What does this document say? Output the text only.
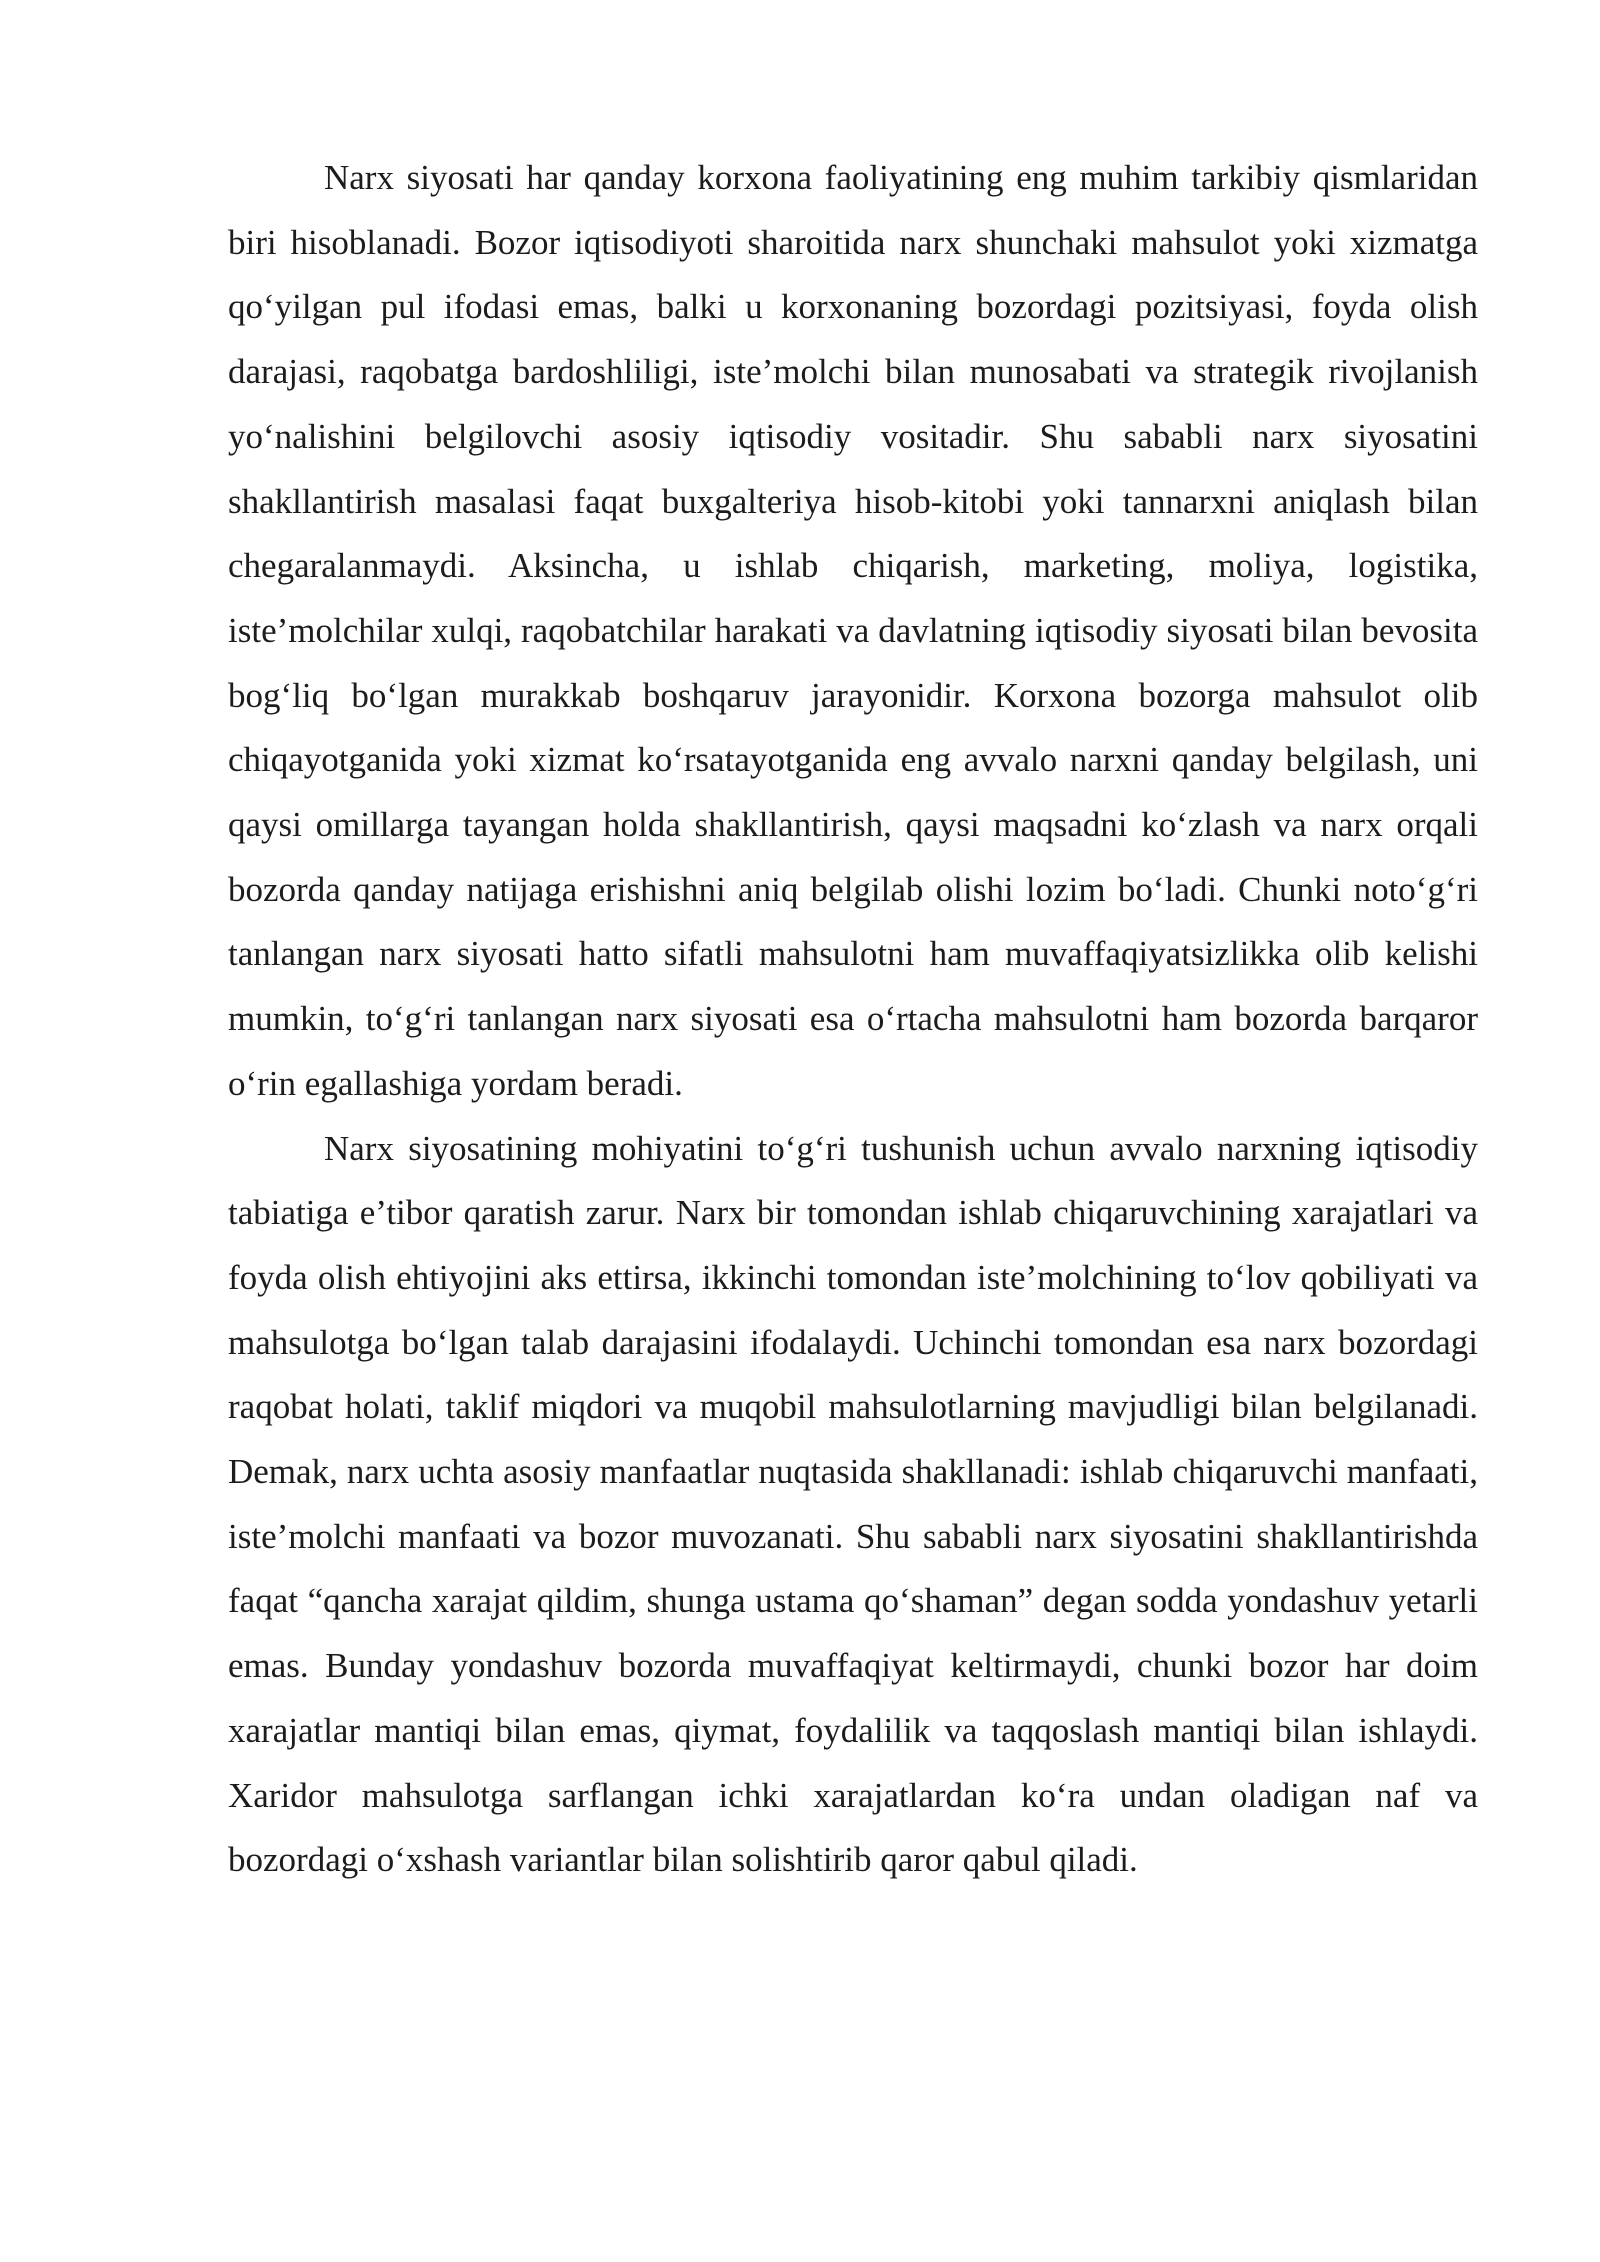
Narx siyosati har qanday korxona faoliyatining eng muhim tarkibiy qismlaridan biri hisoblanadi. Bozor iqtisodiyoti sharoitida narx shunchaki mahsulot yoki xizmatga qo‘yilgan pul ifodasi emas, balki u korxonaning bozordagi pozitsiyasi, foyda olish darajasi, raqobatga bardoshliligi, iste’molchi bilan munosabati va strategik rivojlanish yo‘nalishini belgilovchi asosiy iqtisodiy vositadir. Shu sababli narx siyosatini shakllantirish masalasi faqat buxgalteriya hisob-kitobi yoki tannarxni aniqlash bilan chegaralanmaydi. Aksincha, u ishlab chiqarish, marketing, moliya, logistika, iste’molchilar xulqi, raqobatchilar harakati va davlatning iqtisodiy siyosati bilan bevosita bog‘liq bo‘lgan murakkab boshqaruv jarayonidir. Korxona bozorga mahsulot olib chiqayotganida yoki xizmat ko‘rsatayotganida eng avvalo narxni qanday belgilash, uni qaysi omillarga tayangan holda shakllantirish, qaysi maqsadni ko‘zlash va narx orqali bozorda qanday natijaga erishishni aniq belgilab olishi lozim bo‘ladi. Chunki noto‘g‘ri tanlangan narx siyosati hatto sifatli mahsulotni ham muvaffaqiyatsizlikka olib kelishi mumkin, to‘g‘ri tanlangan narx siyosati esa o‘rtacha mahsulotni ham bozorda barqaror o‘rin egallashiga yordam beradi.

Narx siyosatining mohiyatini to‘g‘ri tushunish uchun avvalo narxning iqtisodiy tabiatiga e’tibor qaratish zarur. Narx bir tomondan ishlab chiqaruvchining xarajatlari va foyda olish ehtiyojini aks ettirsa, ikkinchi tomondan iste’molchining to‘lov qobiliyati va mahsulotga bo‘lgan talab darajasini ifodalaydi. Uchinchi tomondan esa narx bozordagi raqobat holati, taklif miqdori va muqobil mahsulotlarning mavjudligi bilan belgilanadi. Demak, narx uchta asosiy manfaatlar nuqtasida shakllanadi: ishlab chiqaruvchi manfaati, iste’molchi manfaati va bozor muvozanati. Shu sababli narx siyosatini shakllantirishda faqat “qancha xarajat qildim, shunga ustama qo‘shaman” degan sodda yondashuv yetarli emas. Bunday yondashuv bozorda muvaffaqiyat keltirmaydi, chunki bozor har doim xarajatlar mantiqi bilan emas, qiymat, foydalilik va taqqoslash mantiqi bilan ishlaydi. Xaridor mahsulotga sarflangan ichki xarajatlardan ko‘ra undan oladigan naf va bozordagi o‘xshash variantlar bilan solishtirib qaror qabul qiladi.
